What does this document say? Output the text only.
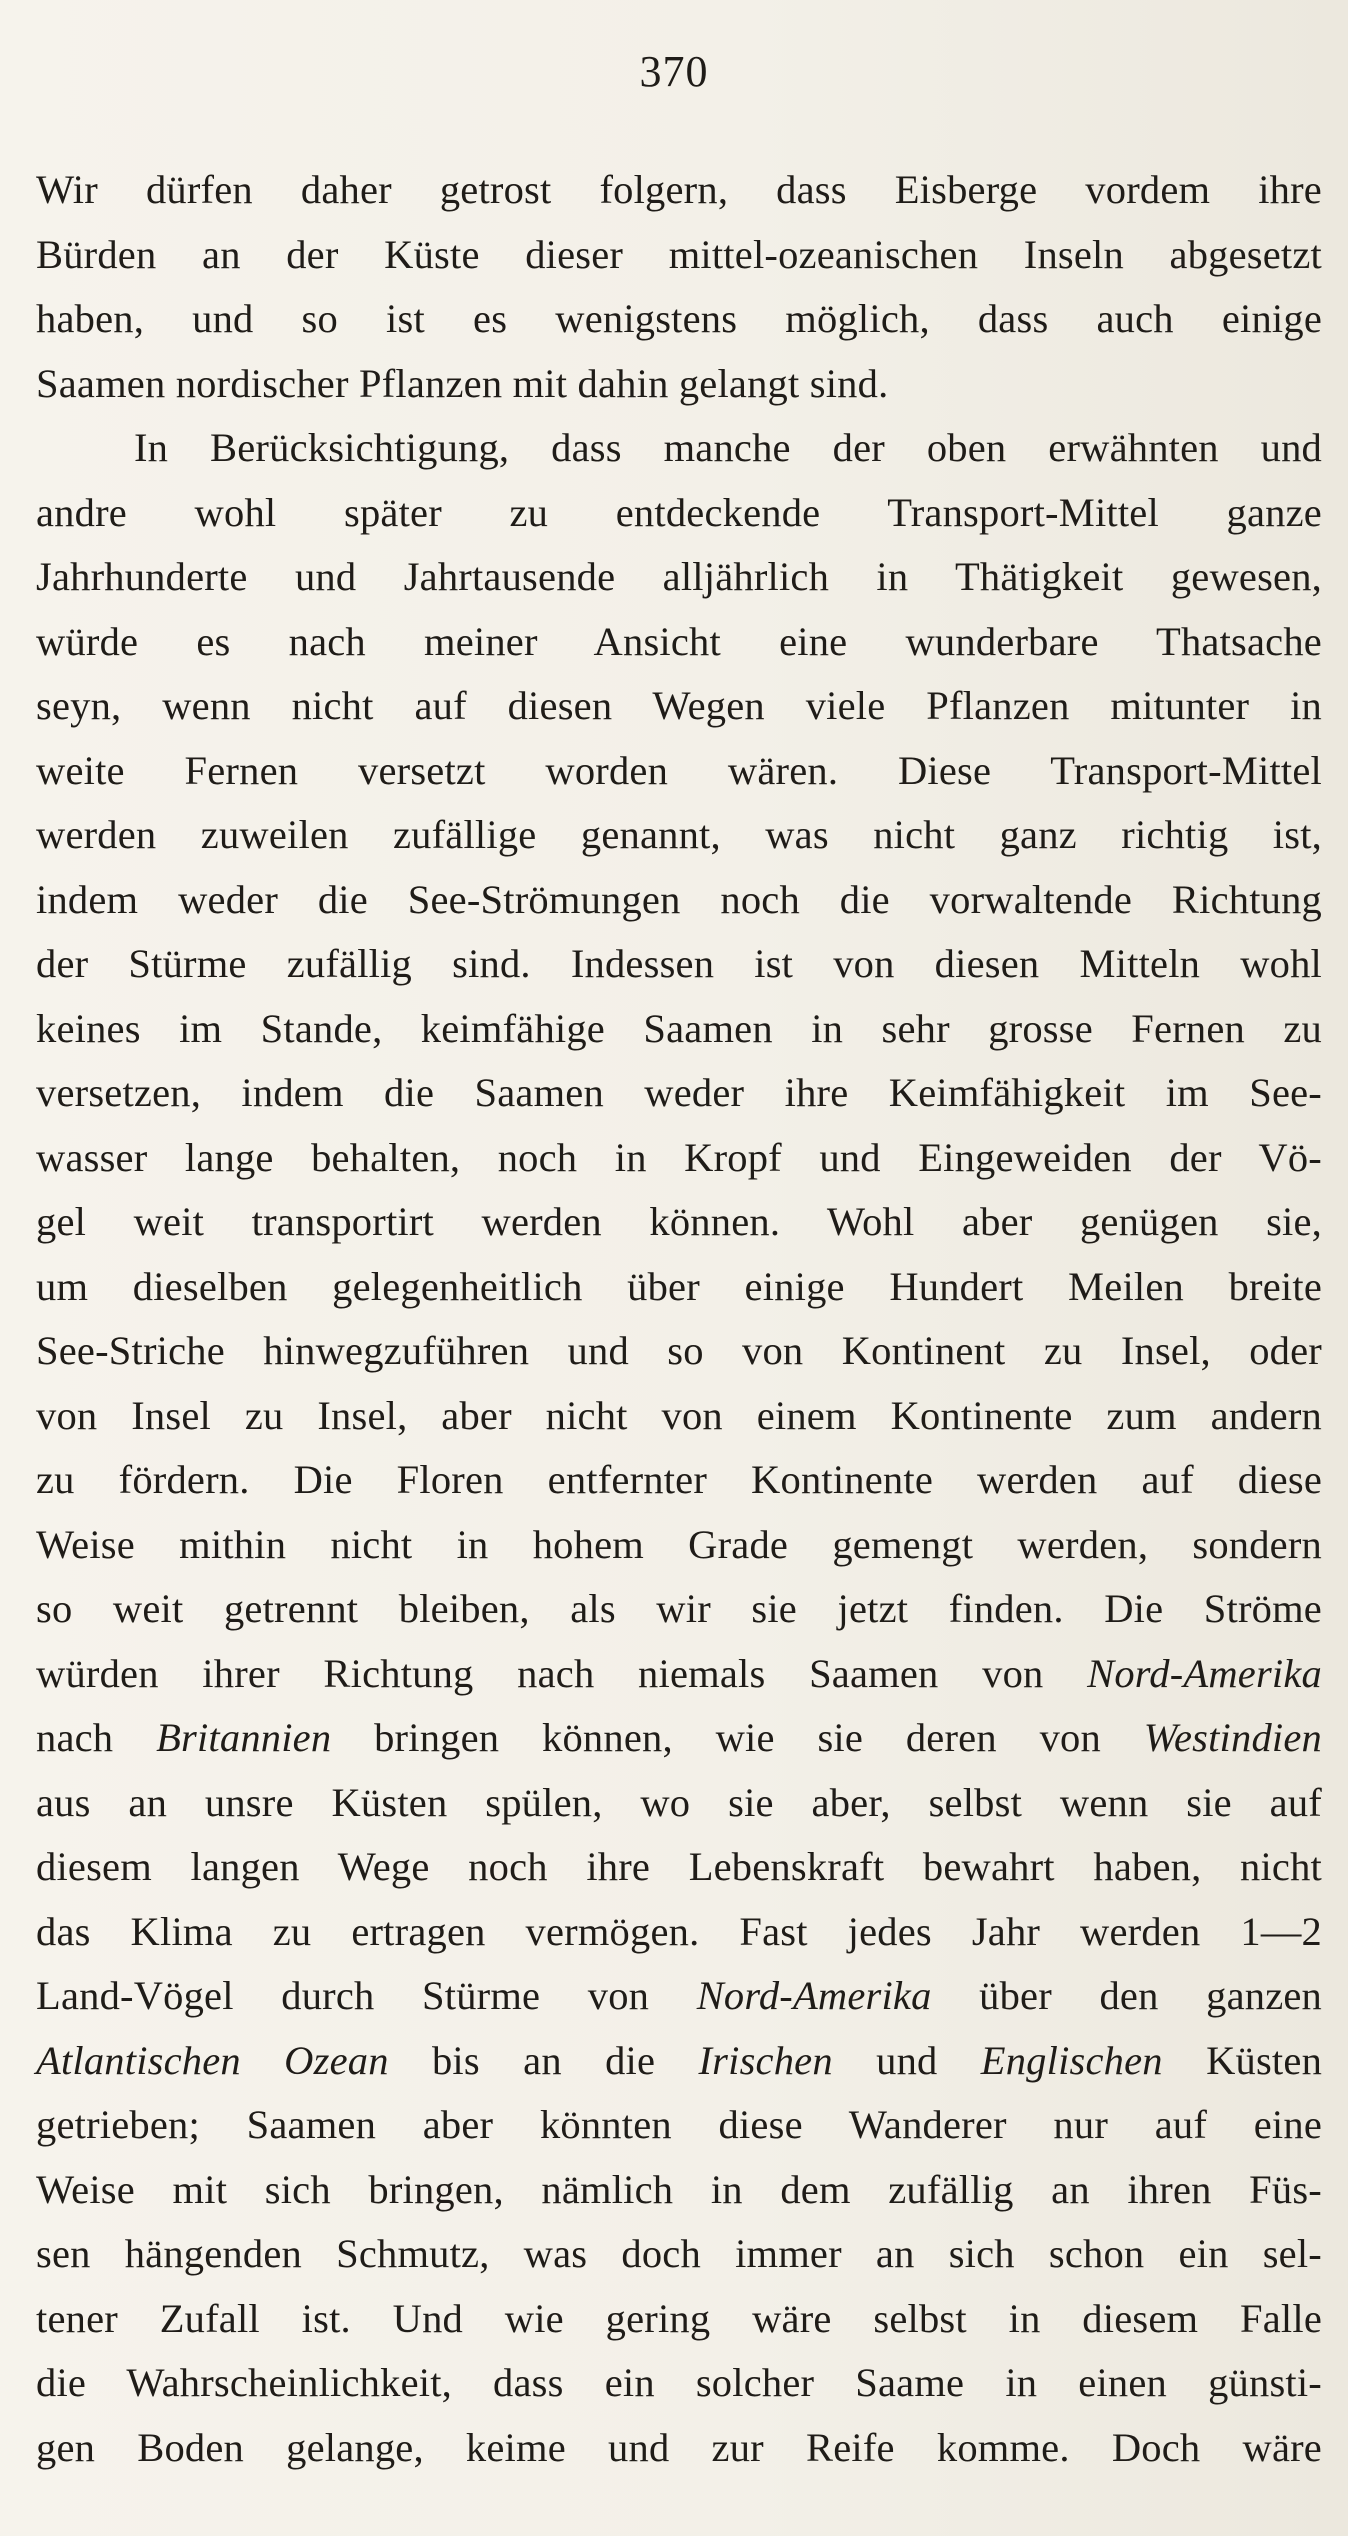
370
Wir dürfen daher getrost folgern, dass Eisberge vordem ihre
Bürden an der Küste dieser mittel-ozeanischen Inseln abgesetzt
haben, und so ist es wenigstens möglich, dass auch einige
Saamen nordischer Pflanzen mit dahin gelangt sind.
In Berücksichtigung, dass manche der oben erwähnten und
andre wohl später zu entdeckende Transport-Mittel ganze
Jahrhunderte und Jahrtausende alljährlich in Thätigkeit gewesen,
würde es nach meiner Ansicht eine wunderbare Thatsache
seyn, wenn nicht auf diesen Wegen viele Pflanzen mitunter in
weite Fernen versetzt worden wären. Diese Transport-Mittel
werden zuweilen zufällige genannt, was nicht ganz richtig ist,
indem weder die See-Strömungen noch die vorwaltende Richtung
der Stürme zufällig sind. Indessen ist von diesen Mitteln wohl
keines im Stande, keimfähige Saamen in sehr grosse Fernen zu
versetzen, indem die Saamen weder ihre Keimfähigkeit im See-
wasser lange behalten, noch in Kropf und Eingeweiden der Vö-
gel weit transportirt werden können. Wohl aber genügen sie,
um dieselben gelegenheitlich über einige Hundert Meilen breite
See-Striche hinwegzuführen und so von Kontinent zu Insel, oder
von Insel zu Insel, aber nicht von einem Kontinente zum andern
zu fördern. Die Floren entfernter Kontinente werden auf diese
Weise mithin nicht in hohem Grade gemengt werden, sondern
so weit getrennt bleiben, als wir sie jetzt finden. Die Ströme
würden ihrer Richtung nach niemals Saamen von Nord-Amerika
nach Britannien bringen können, wie sie deren von Westindien
aus an unsre Küsten spülen, wo sie aber, selbst wenn sie auf
diesem langen Wege noch ihre Lebenskraft bewahrt haben, nicht
das Klima zu ertragen vermögen. Fast jedes Jahr werden 1—2
Land-Vögel durch Stürme von Nord-Amerika über den ganzen
Atlantischen Ozean bis an die Irischen und Englischen Küsten
getrieben; Saamen aber könnten diese Wanderer nur auf eine
Weise mit sich bringen, nämlich in dem zufällig an ihren Füs-
sen hängenden Schmutz, was doch immer an sich schon ein sel-
tener Zufall ist. Und wie gering wäre selbst in diesem Falle
die Wahrscheinlichkeit, dass ein solcher Saame in einen günsti-
gen Boden gelange, keime und zur Reife komme. Doch wäre
